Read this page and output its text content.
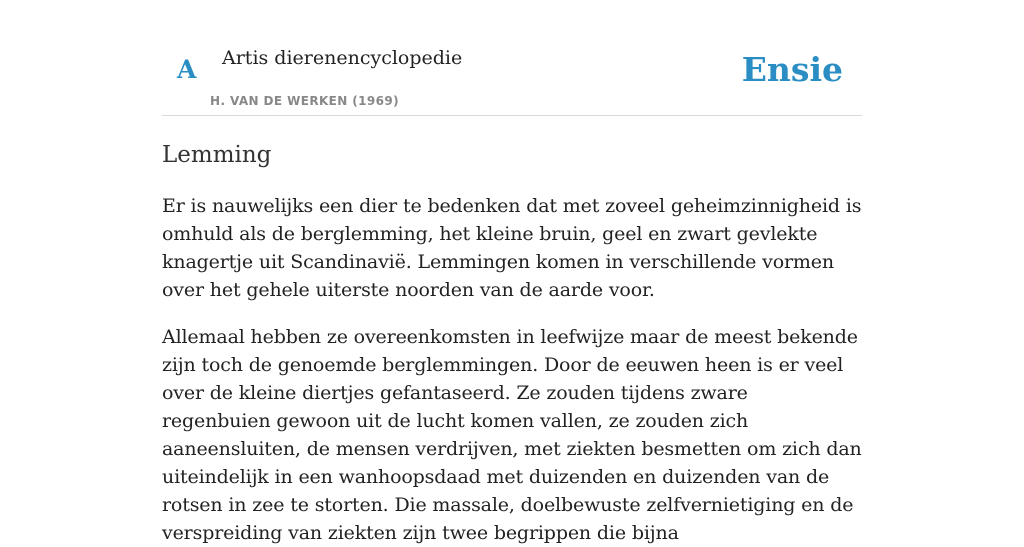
A Artis dierenencyclopedie
H. VAN DE WERKEN (1969)
Ensie
Lemming

Er is nauwelijks een dier te bedenken dat met zoveel geheimzinnigheid is omhuld als de berglemming, het kleine bruin, geel en zwart gevlekte knagertje uit Scandinavië. Lemmingen komen in verschillende vormen over het gehele uiterste noorden van de aarde voor.

Allemaal hebben ze overeenkomsten in leefwijze maar de meest bekende zijn toch de genoemde berglemmingen. Door de eeuwen heen is er veel over de kleine diertjes gefantaseerd. Ze zouden tijdens zware regenbuien gewoon uit de lucht komen vallen, ze zouden zich aaneensluiten, de mensen verdrijven, met ziekten besmetten om zich dan uiteindelijk in een wanhoopsdaad met duizenden en duizenden van de rotsen in zee te storten. Die massale, doelbewuste zelfvernietiging en de verspreiding van ziekten zijn twee begrippen die bijna
